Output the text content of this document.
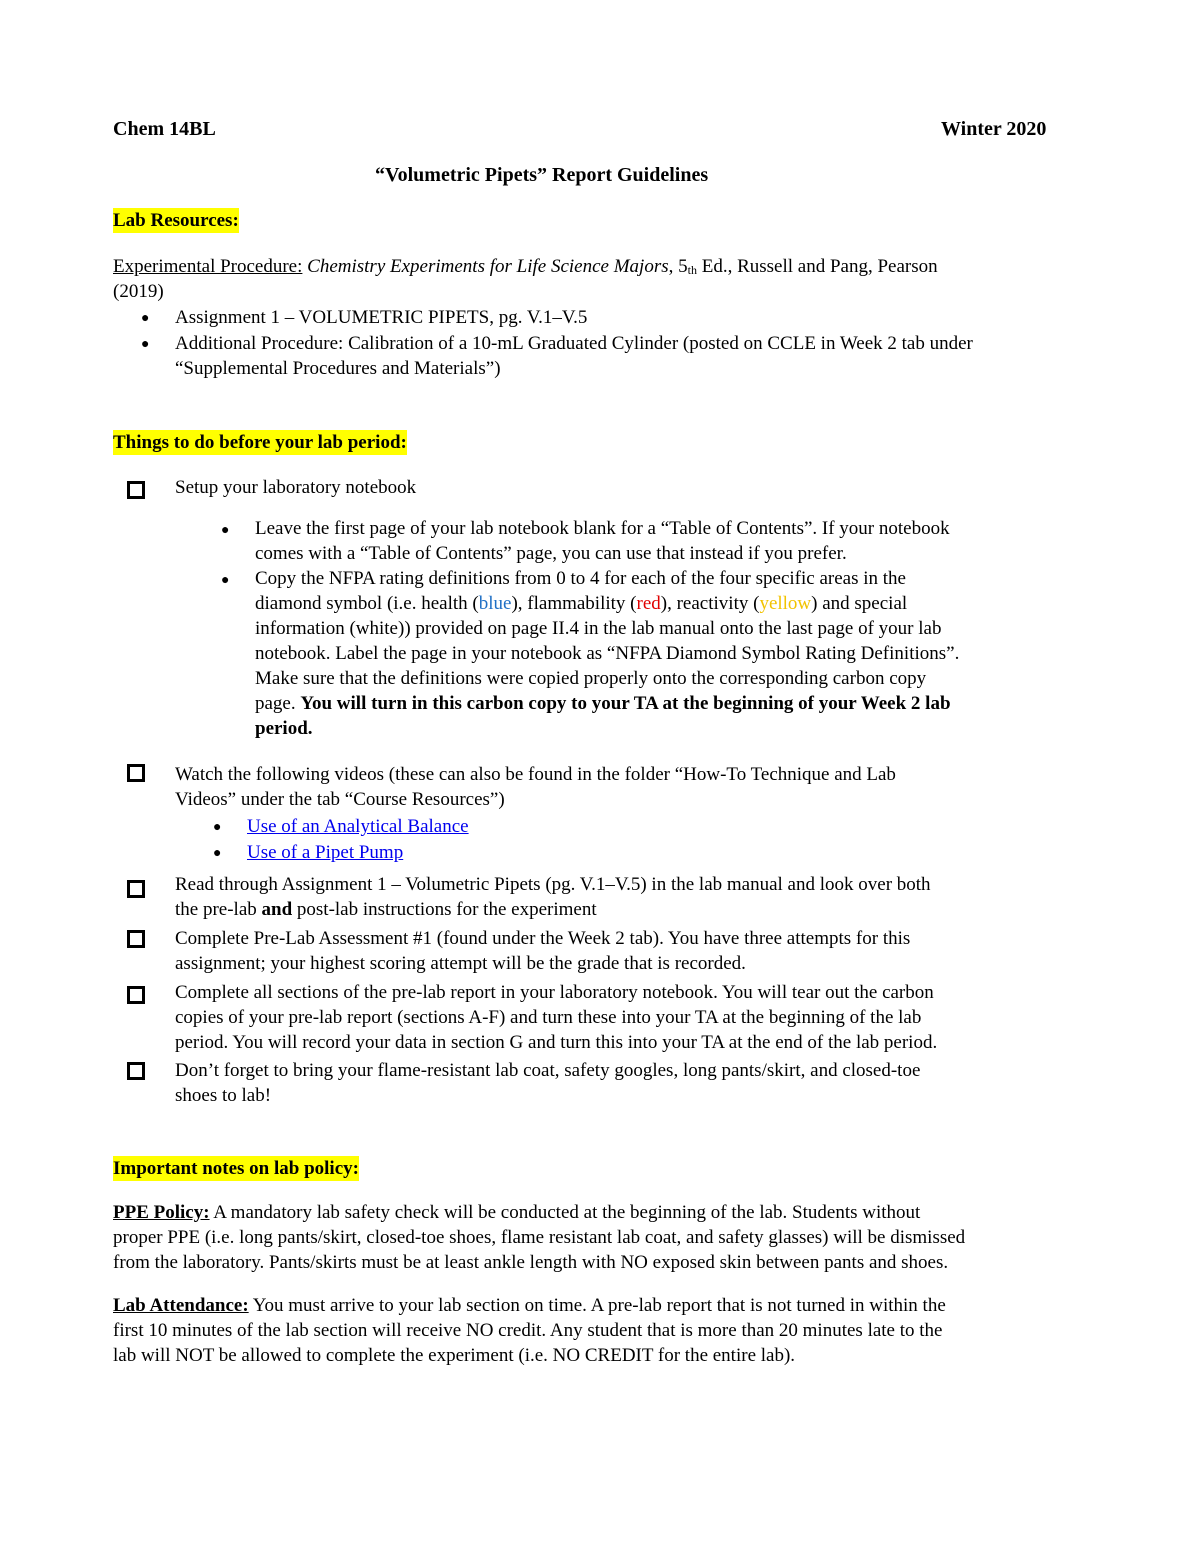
Chem 14BL	Winter 2020
“Volumetric Pipets” Report Guidelines
Lab Resources:
Experimental Procedure: Chemistry Experiments for Life Science Majors, 5th Ed., Russell and Pang, Pearson
(2019)
● Assignment 1 – VOLUMETRIC PIPETS, pg. V.1–V.5
● Additional Procedure: Calibration of a 10-mL Graduated Cylinder (posted on CCLE in Week 2 tab under
“Supplemental Procedures and Materials”)
Things to do before your lab period:
Setup your laboratory notebook
● Leave the first page of your lab notebook blank for a “Table of Contents”. If your notebook
comes with a “Table of Contents” page, you can use that instead if you prefer.
● Copy the NFPA rating definitions from 0 to 4 for each of the four specific areas in the
diamond symbol (i.e. health (blue), flammability (red), reactivity (yellow) and special
information (white)) provided on page II.4 in the lab manual onto the last page of your lab
notebook. Label the page in your notebook as “NFPA Diamond Symbol Rating Definitions”.
Make sure that the definitions were copied properly onto the corresponding carbon copy
page. You will turn in this carbon copy to your TA at the beginning of your Week 2 lab
period.
Watch the following videos (these can also be found in the folder “How-To Technique and Lab
Videos” under the tab “Course Resources”)
● Use of an Analytical Balance
● Use of a Pipet Pump
Read through Assignment 1 – Volumetric Pipets (pg. V.1–V.5) in the lab manual and look over both
the pre-lab and post-lab instructions for the experiment
Complete Pre-Lab Assessment #1 (found under the Week 2 tab). You have three attempts for this
assignment; your highest scoring attempt will be the grade that is recorded.
Complete all sections of the pre-lab report in your laboratory notebook. You will tear out the carbon
copies of your pre-lab report (sections A-F) and turn these into your TA at the beginning of the lab
period. You will record your data in section G and turn this into your TA at the end of the lab period.
Don’t forget to bring your flame-resistant lab coat, safety googles, long pants/skirt, and closed-toe
shoes to lab!
Important notes on lab policy:
PPE Policy: A mandatory lab safety check will be conducted at the beginning of the lab. Students without
proper PPE (i.e. long pants/skirt, closed-toe shoes, flame resistant lab coat, and safety glasses) will be dismissed
from the laboratory. Pants/skirts must be at least ankle length with NO exposed skin between pants and shoes.
Lab Attendance: You must arrive to your lab section on time. A pre-lab report that is not turned in within the
first 10 minutes of the lab section will receive NO credit. Any student that is more than 20 minutes late to the
lab will NOT be allowed to complete the experiment (i.e. NO CREDIT for the entire lab).
